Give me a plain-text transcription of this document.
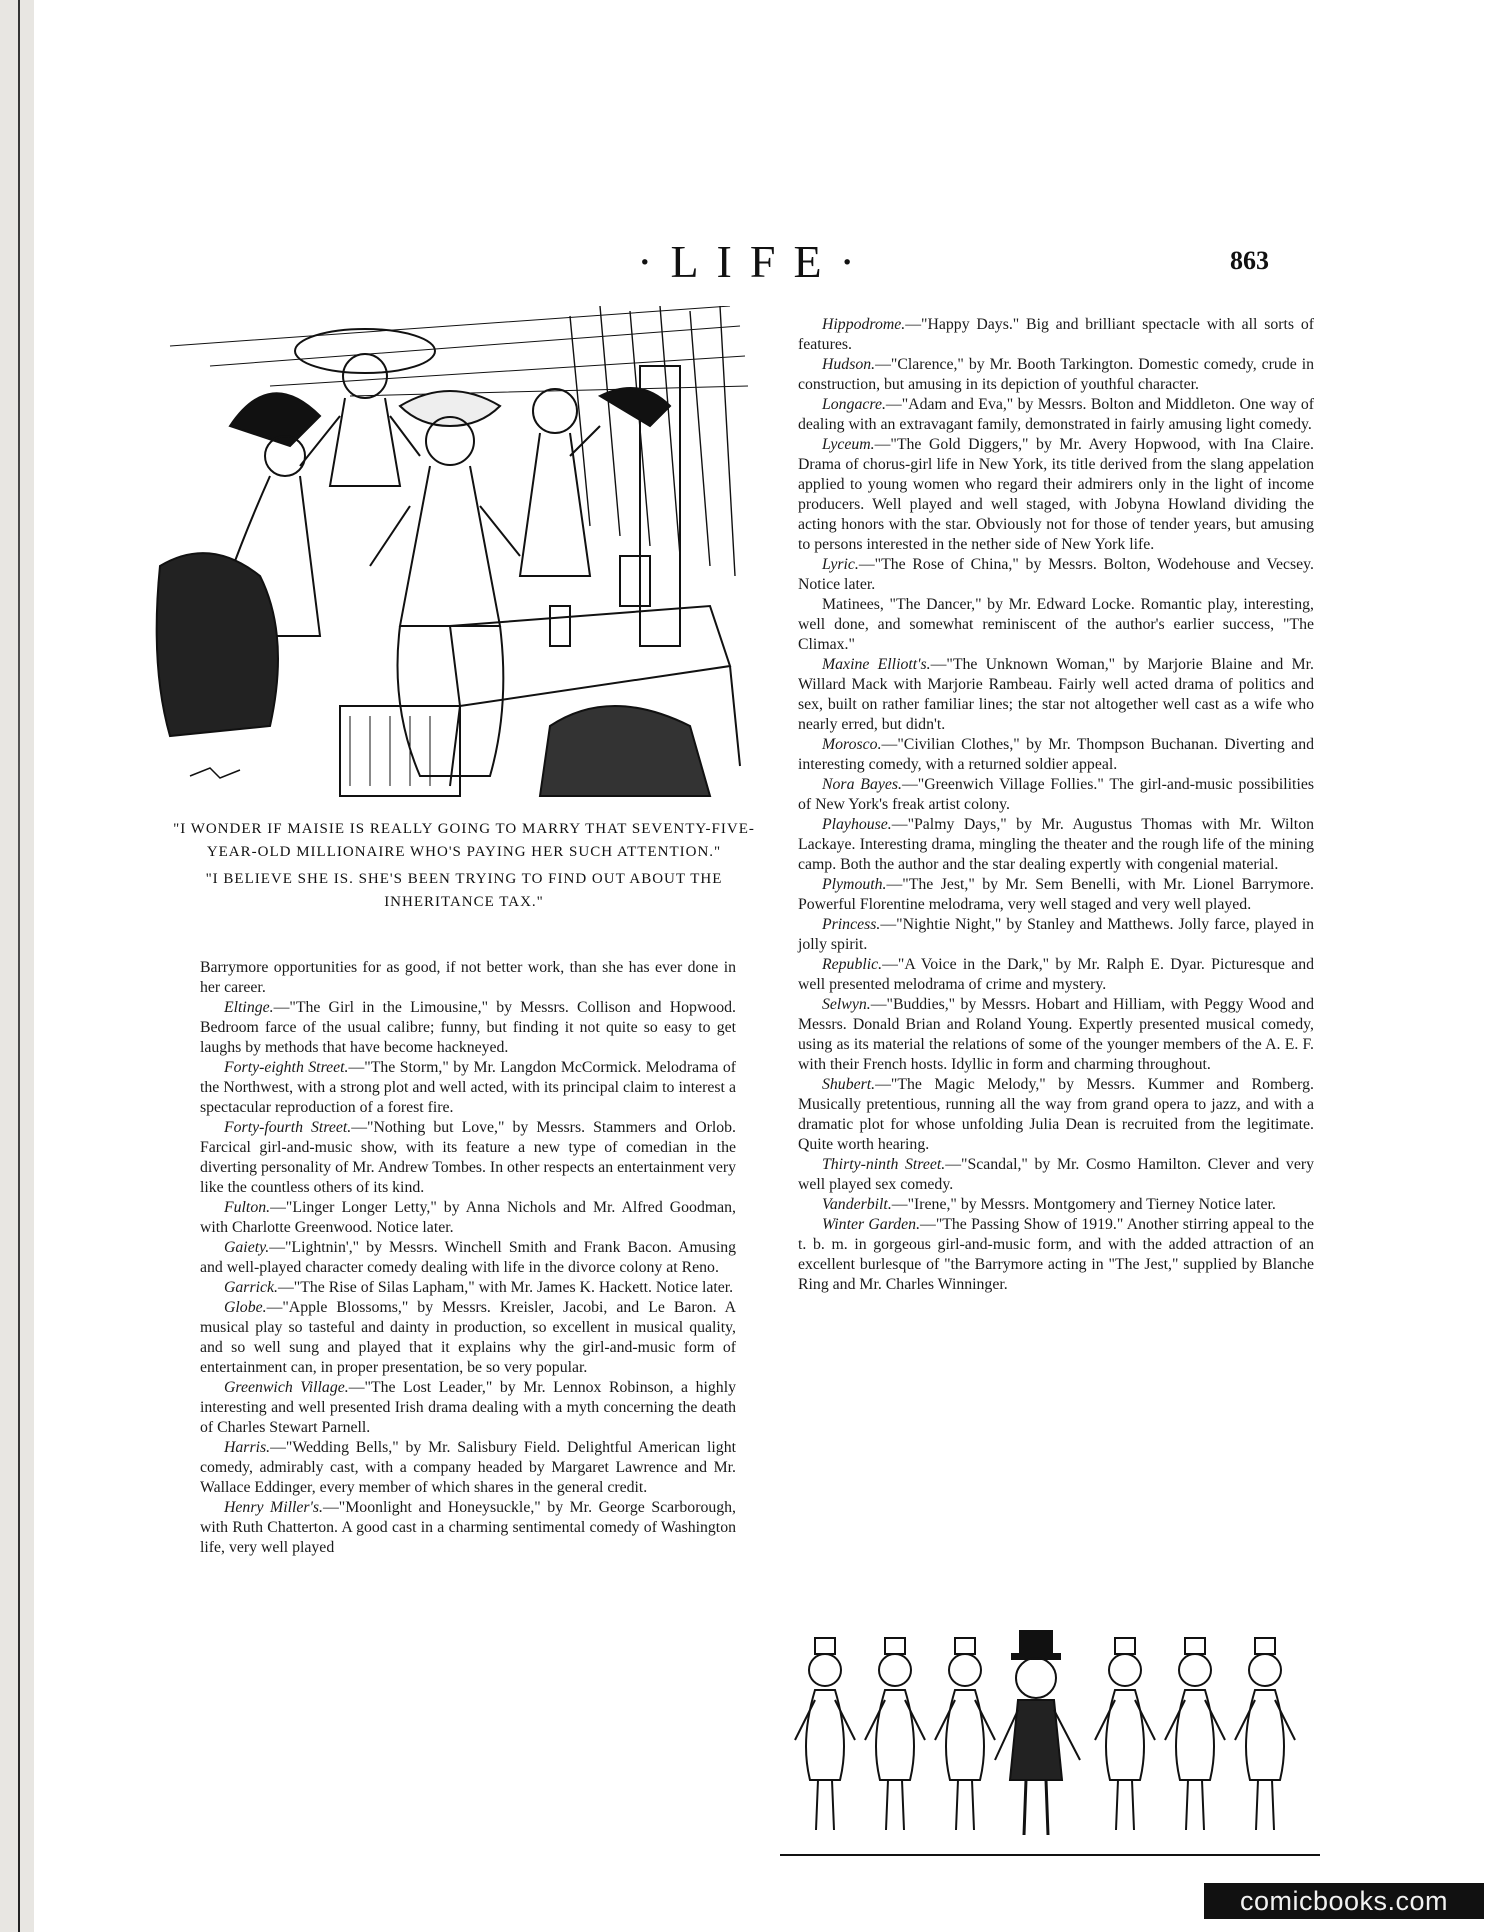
·LIFE·	863

"I WONDER IF MAISIE IS REALLY GOING TO MARRY THAT SEVENTY-FIVE-YEAR-OLD MILLIONAIRE WHO'S PAYING HER SUCH ATTENTION."

"I BELIEVE SHE IS. SHE'S BEEN TRYING TO FIND OUT ABOUT THE INHERITANCE TAX."

Barrymore opportunities for as good, if not better work, than she has ever done in her career.

Eltinge.—"The Girl in the Limousine," by Messrs. Collison and Hopwood. Bedroom farce of the usual calibre; funny, but finding it not quite so easy to get laughs by methods that have become hackneyed.

Forty-eighth Street.—"The Storm," by Mr. Langdon McCormick. Melodrama of the Northwest, with a strong plot and well acted, with its principal claim to interest a spectacular reproduction of a forest fire.

Forty-fourth Street.—"Nothing but Love," by Messrs. Stammers and Orlob. Farcical girl-and-music show, with its feature a new type of comedian in the diverting personality of Mr. Andrew Tombes. In other respects an entertainment very like the countless others of its kind.

Fulton.—"Linger Longer Letty," by Anna Nichols and Mr. Alfred Goodman, with Charlotte Greenwood. Notice later.

Gaiety.—"Lightnin'," by Messrs. Winchell Smith and Frank Bacon. Amusing and well-played character comedy dealing with life in the divorce colony at Reno.

Garrick.—"The Rise of Silas Lapham," with Mr. James K. Hackett. Notice later.

Globe.—"Apple Blossoms," by Messrs. Kreisler, Jacobi, and Le Baron. A musical play so tasteful and dainty in production, so excellent in musical quality, and so well sung and played that it explains why the girl-and-music form of entertainment can, in proper presentation, be so very popular.

Greenwich Village.—"The Lost Leader," by Mr. Lennox Robinson, a highly interesting and well presented Irish drama dealing with a myth concerning the death of Charles Stewart Parnell.

Harris.—"Wedding Bells," by Mr. Salisbury Field. Delightful American light comedy, admirably cast, with a company headed by Margaret Lawrence and Mr. Wallace Eddinger, every member of which shares in the general credit.

Henry Miller's.—"Moonlight and Honeysuckle," by Mr. George Scarborough, with Ruth Chatterton. A good cast in a charming sentimental comedy of Washington life, very well played

Hippodrome.—"Happy Days." Big and brilliant spectacle with all sorts of features.

Hudson.—"Clarence," by Mr. Booth Tarkington. Domestic comedy, crude in construction, but amusing in its depiction of youthful character.

Longacre.—"Adam and Eva," by Messrs. Bolton and Middleton. One way of dealing with an extravagant family, demonstrated in fairly amusing light comedy.

Lyceum.—"The Gold Diggers," by Mr. Avery Hopwood, with Ina Claire. Drama of chorus-girl life in New York, its title derived from the slang appelation applied to young women who regard their admirers only in the light of income producers. Well played and well staged, with Jobyna Howland dividing the acting honors with the star. Obviously not for those of tender years, but amusing to persons interested in the nether side of New York life.

Lyric.—"The Rose of China," by Messrs. Bolton, Wodehouse and Vecsey. Notice later.

Matinees, "The Dancer," by Mr. Edward Locke. Romantic play, interesting, well done, and somewhat reminiscent of the author's earlier success, "The Climax."

Maxine Elliott's.—"The Unknown Woman," by Marjorie Blaine and Mr. Willard Mack with Marjorie Rambeau. Fairly well acted drama of politics and sex, built on rather familiar lines; the star not altogether well cast as a wife who nearly erred, but didn't.

Morosco.—"Civilian Clothes," by Mr. Thompson Buchanan. Diverting and interesting comedy, with a returned soldier appeal.

Nora Bayes.—"Greenwich Village Follies." The girl-and-music possibilities of New York's freak artist colony.

Playhouse.—"Palmy Days," by Mr. Augustus Thomas with Mr. Wilton Lackaye. Interesting drama, mingling the theater and the rough life of the mining camp. Both the author and the star dealing expertly with congenial material.

Plymouth.—"The Jest," by Mr. Sem Benelli, with Mr. Lionel Barrymore. Powerful Florentine melodrama, very well staged and very well played.

Princess.—"Nightie Night," by Stanley and Matthews. Jolly farce, played in jolly spirit.

Republic.—"A Voice in the Dark," by Mr. Ralph E. Dyar. Picturesque and well presented melodrama of crime and mystery.

Selwyn.—"Buddies," by Messrs. Hobart and Hilliam, with Peggy Wood and Messrs. Donald Brian and Roland Young. Expertly presented musical comedy, using as its material the relations of some of the younger members of the A. E. F. with their French hosts. Idyllic in form and charming throughout.

Shubert.—"The Magic Melody," by Messrs. Kummer and Romberg. Musically pretentious, running all the way from grand opera to jazz, and with a dramatic plot for whose unfolding Julia Dean is recruited from the legitimate. Quite worth hearing.

Thirty-ninth Street.—"Scandal," by Mr. Cosmo Hamilton. Clever and very well played sex comedy.

Vanderbilt.—"Irene," by Messrs. Montgomery and Tierney Notice later.

Winter Garden.—"The Passing Show of 1919." Another stirring appeal to the t. b. m. in gorgeous girl-and-music form, and with the added attraction of an excellent burlesque of "the Barrymore acting in "The Jest," supplied by Blanche Ring and Mr. Charles Winninger.

comicbooks.com
